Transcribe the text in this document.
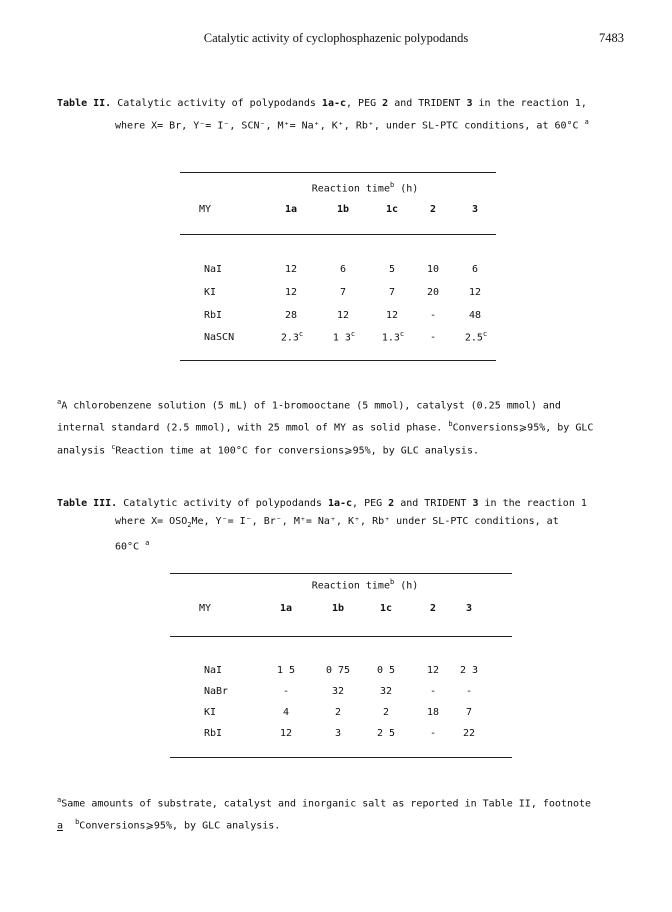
Catalytic activity of cyclophosphazenic polypodands	7483
Table II. Catalytic activity of polypodands 1a-c, PEG 2 and TRIDENT 3 in the reaction 1,
where X= Br, Y⁻= I⁻, SCN⁻, M⁺= Na⁺, K⁺, Rb⁺, under SL-PTC conditions, at 60°C $^a$
Reaction time$^b$ (h)
MY	1a	1b	1c	2	3
NaI	12	6	5	10	6
KI	12	7	7	20	12
RbI	28	12	12	-	48
NaSCN	2.3$^c$	1 3$^c$	1.3$^c$	-	2.5$^c$
$^a$A chlorobenzene solution (5 mL) of 1-bromooctane (5 mmol), catalyst (0.25 mmol) and
internal standard (2.5 mmol), with 25 mmol of MY as solid phase. $^b$Conversions⩾95%, by GLC
analysis $^c$Reaction time at 100°C for conversions⩾95%, by GLC analysis.
Table III. Catalytic activity of polypodands 1a-c, PEG 2 and TRIDENT 3 in the reaction 1
where $X= OSO_2Me$, Y⁻= I⁻, Br⁻, M⁺= Na⁺, K⁺, Rb⁺ under SL-PTC conditions, at
60°C $^a$
Reaction time$^b$ (h)
MY	1a	1b	1c	2	3
NaI	1 5	0 75	0 5	12	2 3
NaBr	-	32	32	-	-
KI	4	2	2	18	7
RbI	12	3	2 5	-	22
$^a$Same amounts of substrate, catalyst and inorganic salt as reported in Table II, footnote
a $^b$Conversions⩾95%, by GLC analysis.
